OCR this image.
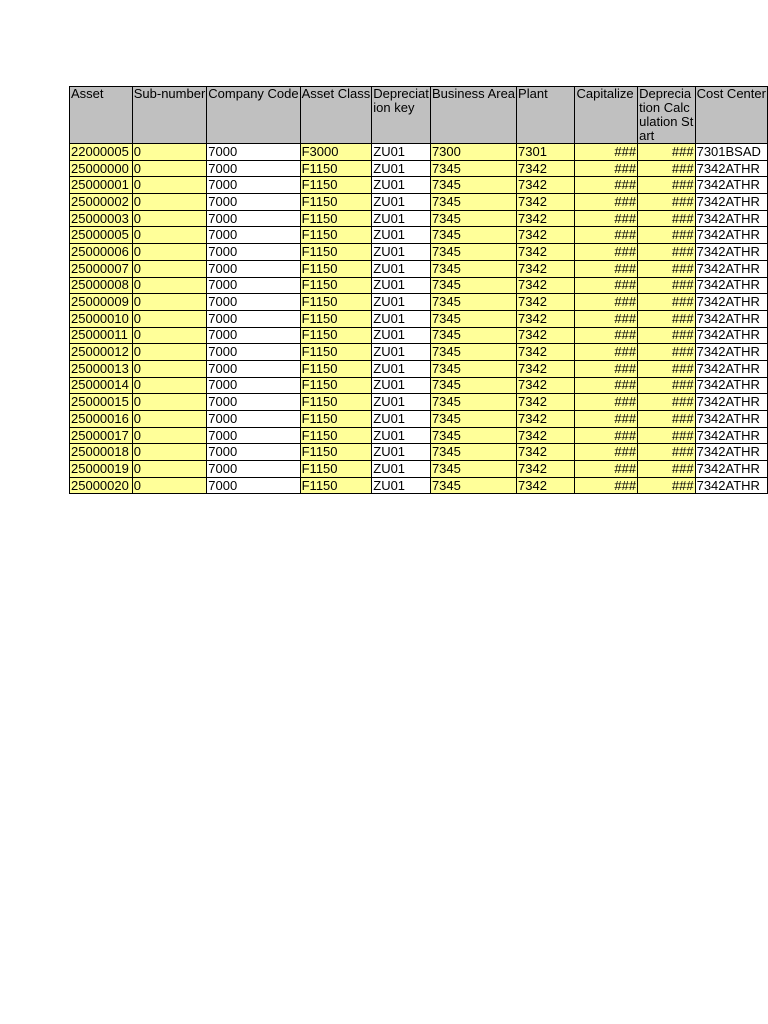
Asset	Sub-number	Company Code	Asset Class	Depreciation key	Business Area	Plant	Capitalize	Depreciation Calculation Start	Cost Center
22000005	0	7000	F3000	ZU01	7300	7301	###	###	7301BSAD
25000000	0	7000	F1150	ZU01	7345	7342	###	###	7342ATHR
25000001	0	7000	F1150	ZU01	7345	7342	###	###	7342ATHR
25000002	0	7000	F1150	ZU01	7345	7342	###	###	7342ATHR
25000003	0	7000	F1150	ZU01	7345	7342	###	###	7342ATHR
25000005	0	7000	F1150	ZU01	7345	7342	###	###	7342ATHR
25000006	0	7000	F1150	ZU01	7345	7342	###	###	7342ATHR
25000007	0	7000	F1150	ZU01	7345	7342	###	###	7342ATHR
25000008	0	7000	F1150	ZU01	7345	7342	###	###	7342ATHR
25000009	0	7000	F1150	ZU01	7345	7342	###	###	7342ATHR
25000010	0	7000	F1150	ZU01	7345	7342	###	###	7342ATHR
25000011	0	7000	F1150	ZU01	7345	7342	###	###	7342ATHR
25000012	0	7000	F1150	ZU01	7345	7342	###	###	7342ATHR
25000013	0	7000	F1150	ZU01	7345	7342	###	###	7342ATHR
25000014	0	7000	F1150	ZU01	7345	7342	###	###	7342ATHR
25000015	0	7000	F1150	ZU01	7345	7342	###	###	7342ATHR
25000016	0	7000	F1150	ZU01	7345	7342	###	###	7342ATHR
25000017	0	7000	F1150	ZU01	7345	7342	###	###	7342ATHR
25000018	0	7000	F1150	ZU01	7345	7342	###	###	7342ATHR
25000019	0	7000	F1150	ZU01	7345	7342	###	###	7342ATHR
25000020	0	7000	F1150	ZU01	7345	7342	###	###	7342ATHR
